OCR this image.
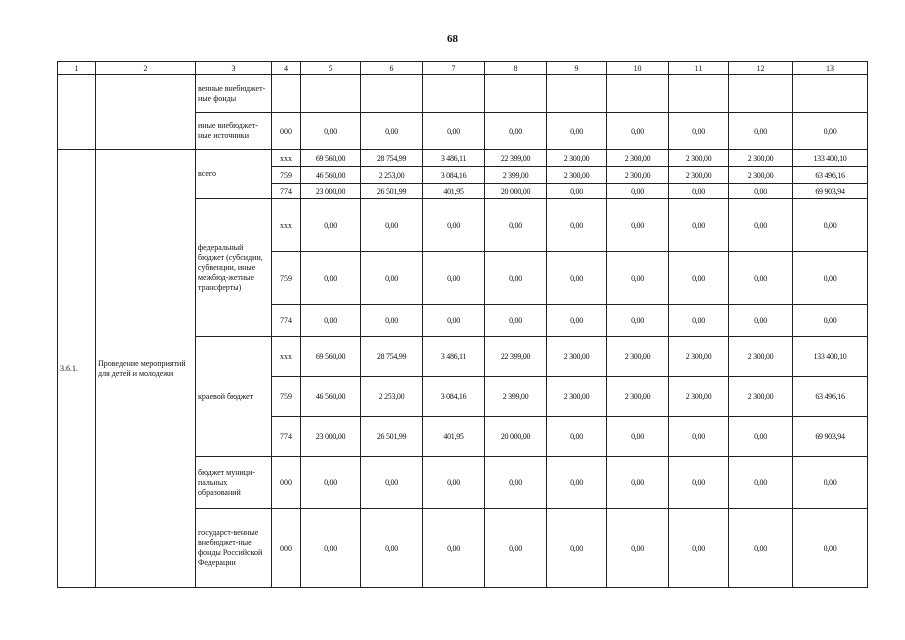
68
1	2	3	4	5	6	7	8	9	10	11	12	13
		венные внебюджет-ные фонды										
		иные внебюджет-ные источники	000	0,00	0,00	0,00	0,00	0,00	0,00	0,00	0,00	0,00
3.6.1.	Проведение мероприятий для детей и молодежи	всего	xxx	69 560,00	28 754,99	3 486,11	22 399,00	2 300,00	2 300,00	2 300,00	2 300,00	133 400,10
			759	46 560,00	2 253,00	3 084,16	2 399,00	2 300,00	2 300,00	2 300,00	2 300,00	63 496,16
			774	23 000,00	26 501,99	401,95	20 000,00	0,00	0,00	0,00	0,00	69 903,94
		федеральный бюджет (субсидии, субвенции, иные межбюд-жетные трансферты)	xxx	0,00	0,00	0,00	0,00	0,00	0,00	0,00	0,00	0,00
			759	0,00	0,00	0,00	0,00	0,00	0,00	0,00	0,00	0,00
			774	0,00	0,00	0,00	0,00	0,00	0,00	0,00	0,00	0,00
		краевой бюджет	xxx	69 560,00	28 754,99	3 486,11	22 399,00	2 300,00	2 300,00	2 300,00	2 300,00	133 400,10
			759	46 560,00	2 253,00	3 084,16	2 399,00	2 300,00	2 300,00	2 300,00	2 300,00	63 496,16
			774	23 000,00	26 501,99	401,95	20 000,00	0,00	0,00	0,00	0,00	69 903,94
		бюджет муници-пальных образований	000	0,00	0,00	0,00	0,00	0,00	0,00	0,00	0,00	0,00
		государст-венные внебюджет-ные фонды Российской Федерации	000	0,00	0,00	0,00	0,00	0,00	0,00	0,00	0,00	0,00
